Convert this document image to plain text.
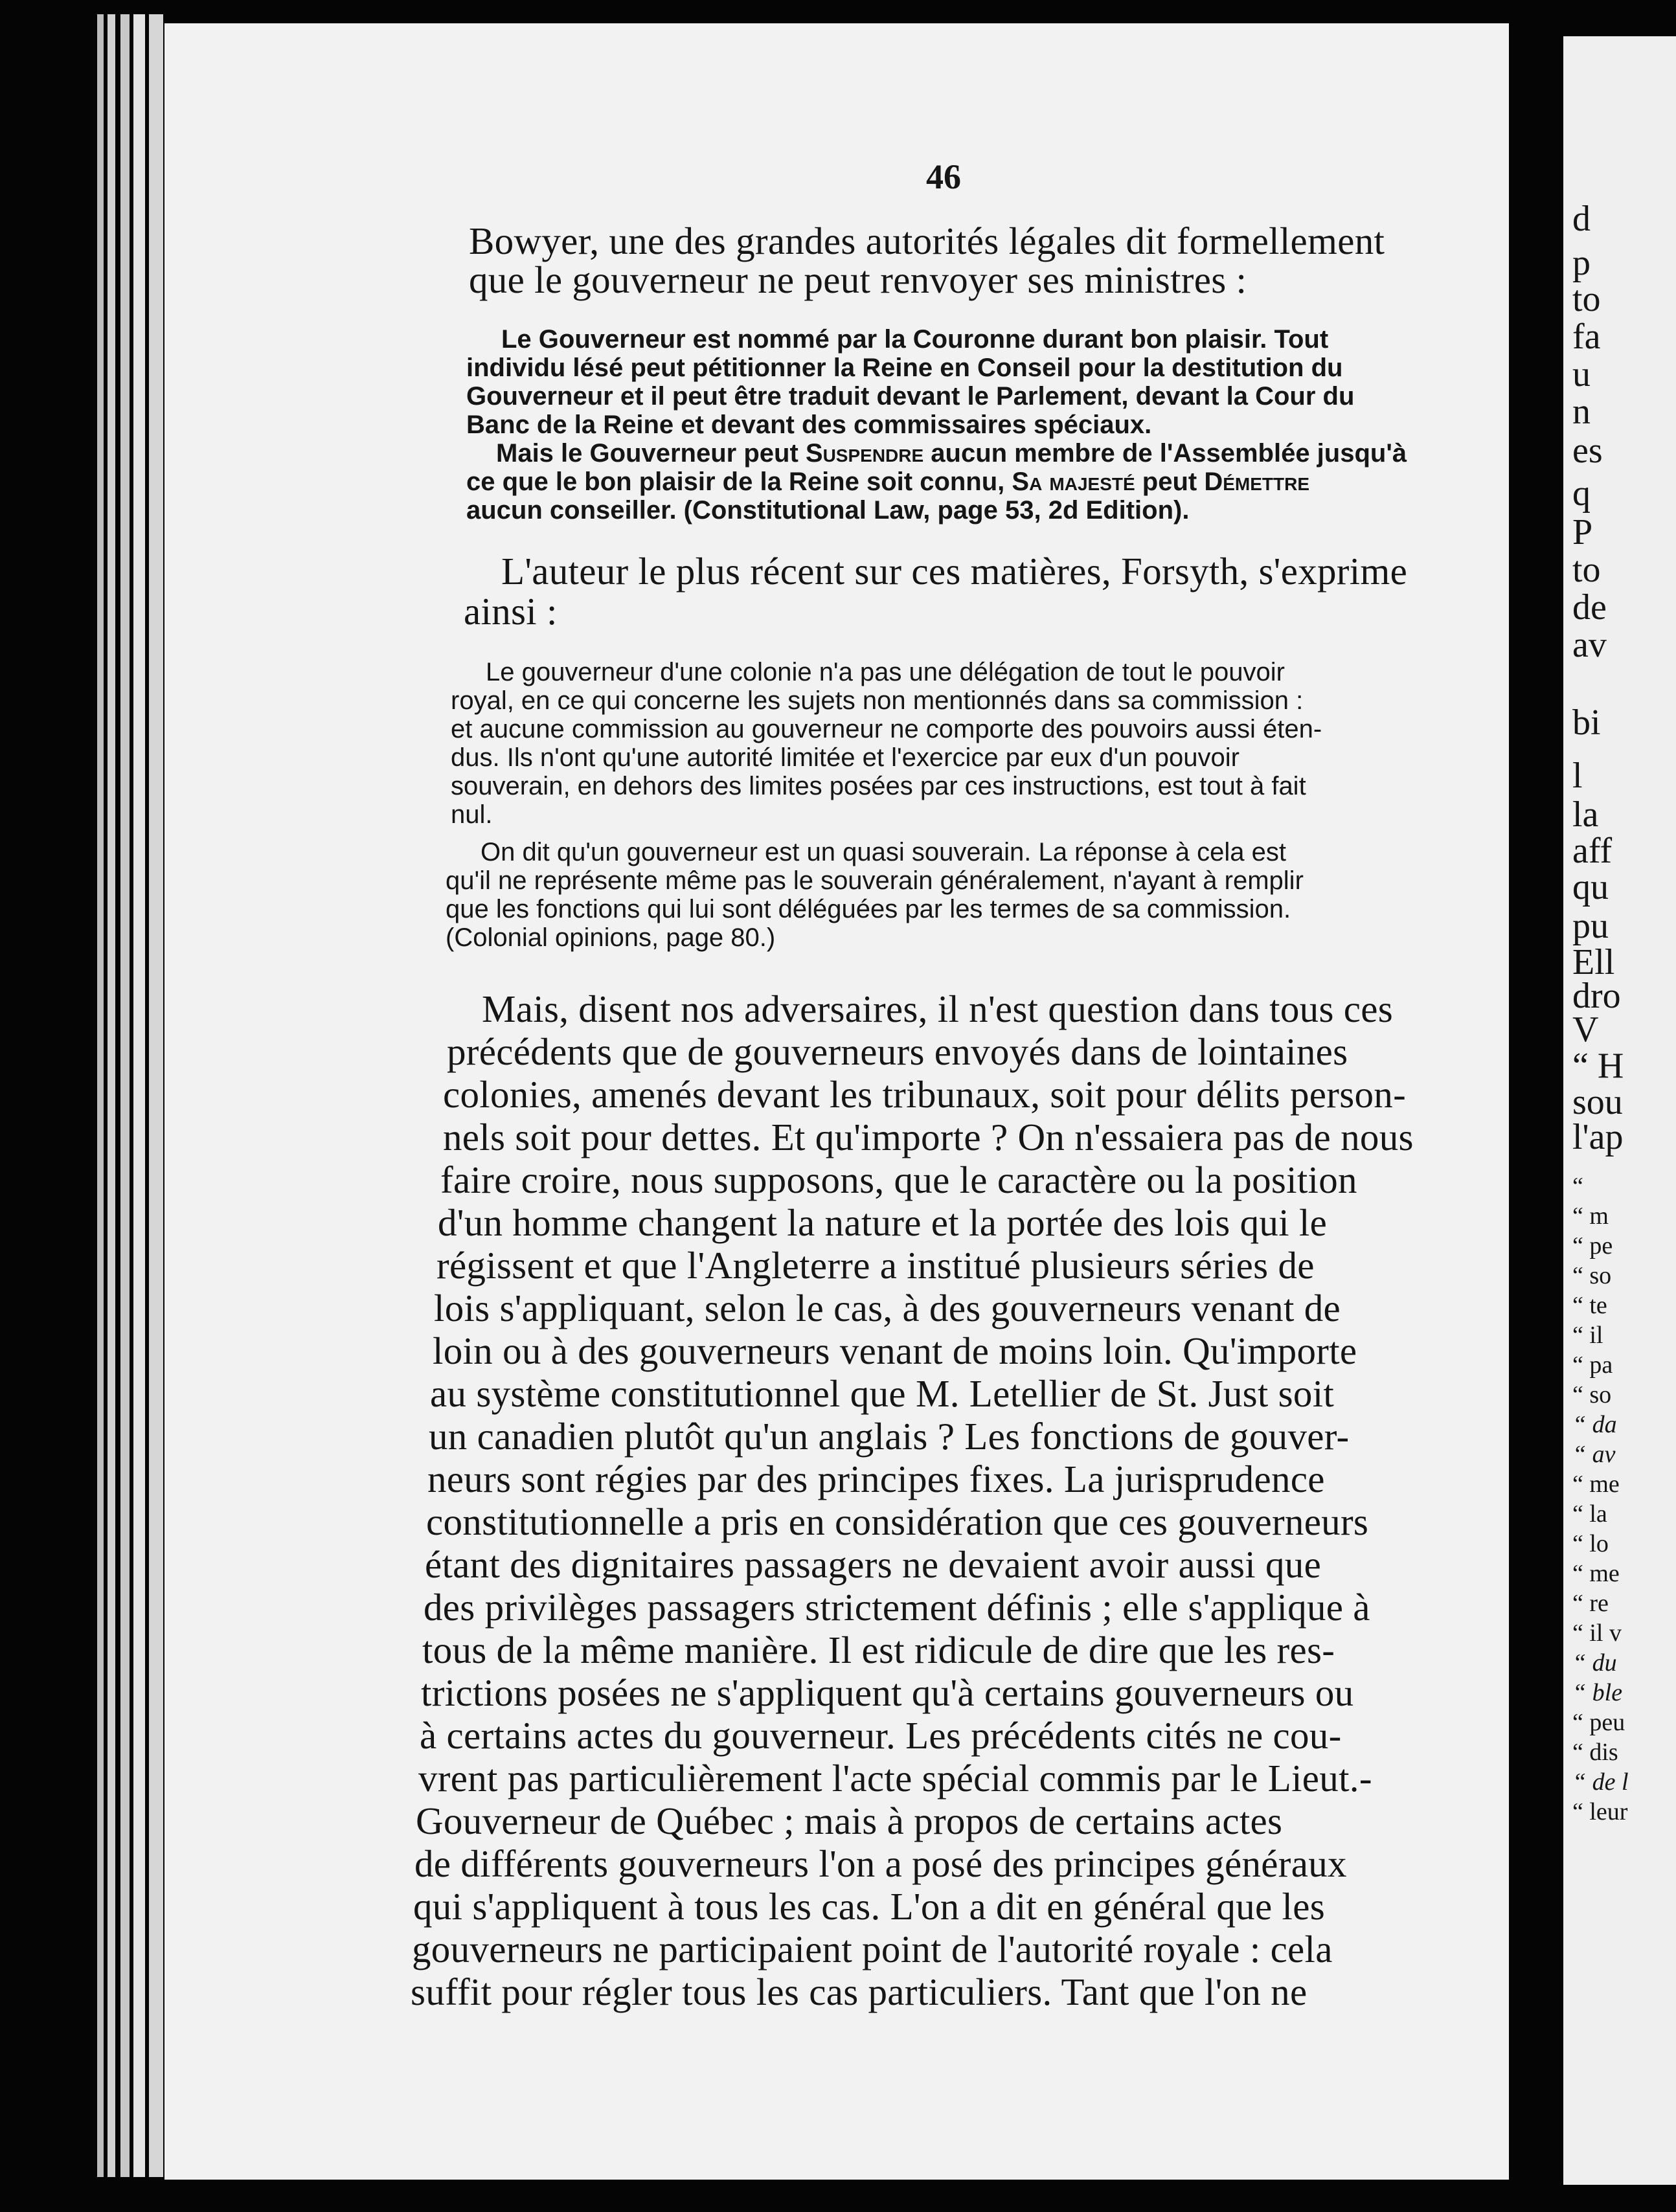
46
Bowyer, une des grandes autorités légales dit formellement
que le gouverneur ne peut renvoyer ses ministres :
Le Gouverneur est nommé par la Couronne durant bon plaisir. Tout
individu lésé peut pétitionner la Reine en Conseil pour la destitution du
Gouverneur et il peut être traduit devant le Parlement, devant la Cour du
Banc de la Reine et devant des commissaires spéciaux.
Mais le Gouverneur peut Suspendre aucun membre de l'Assemblée jusqu'à
ce que le bon plaisir de la Reine soit connu, Sa majesté peut Démettre
aucun conseiller. (Constitutional Law, page 53, 2d Edition).
L'auteur le plus récent sur ces matières, Forsyth, s'exprime
ainsi :
Le gouverneur d'une colonie n'a pas une délégation de tout le pouvoir
royal, en ce qui concerne les sujets non mentionnés dans sa commission :
et aucune commission au gouverneur ne comporte des pouvoirs aussi éten-
dus. Ils n'ont qu'une autorité limitée et l'exercice par eux d'un pouvoir
souverain, en dehors des limites posées par ces instructions, est tout à fait
nul.
On dit qu'un gouverneur est un quasi souverain. La réponse à cela est
qu'il ne représente même pas le souverain généralement, n'ayant à remplir
que les fonctions qui lui sont déléguées par les termes de sa commission.
(Colonial opinions, page 80.)
Mais, disent nos adversaires, il n'est question dans tous ces
précédents que de gouverneurs envoyés dans de lointaines
colonies, amenés devant les tribunaux, soit pour délits person-
nels soit pour dettes. Et qu'importe ? On n'essaiera pas de nous
faire croire, nous supposons, que le caractère ou la position
d'un homme changent la nature et la portée des lois qui le
régissent et que l'Angleterre a institué plusieurs séries de
lois s'appliquant, selon le cas, à des gouverneurs venant de
loin ou à des gouverneurs venant de moins loin. Qu'importe
au système constitutionnel que M. Letellier de St. Just soit
un canadien plutôt qu'un anglais ? Les fonctions de gouver-
neurs sont régies par des principes fixes. La jurisprudence
constitutionnelle a pris en considération que ces gouverneurs
étant des dignitaires passagers ne devaient avoir aussi que
des privilèges passagers strictement définis ; elle s'applique à
tous de la même manière. Il est ridicule de dire que les res-
trictions posées ne s'appliquent qu'à certains gouverneurs ou
à certains actes du gouverneur. Les précédents cités ne cou-
vrent pas particulièrement l'acte spécial commis par le Lieut.-
Gouverneur de Québec ; mais à propos de certains actes
de différents gouverneurs l'on a posé des principes généraux
qui s'appliquent à tous les cas. L'on a dit en général que les
gouverneurs ne participaient point de l'autorité royale : cela
suffit pour régler tous les cas particuliers. Tant que l'on ne
d
p
to
fa
u
n
es
q
P
to
de
av
bi
l
la
aff
qu
pu
Ell
dro
V
“ H
sou
l'ap
“
“ m
“ pe
“ so
“ te
“ il
“ pa
“ so
“ da
“ av
“ me
“ la
“ lo
“ me
“ re
“ il v
“ du
“ ble
“ peu
“ dis
“ de l
“ leur
